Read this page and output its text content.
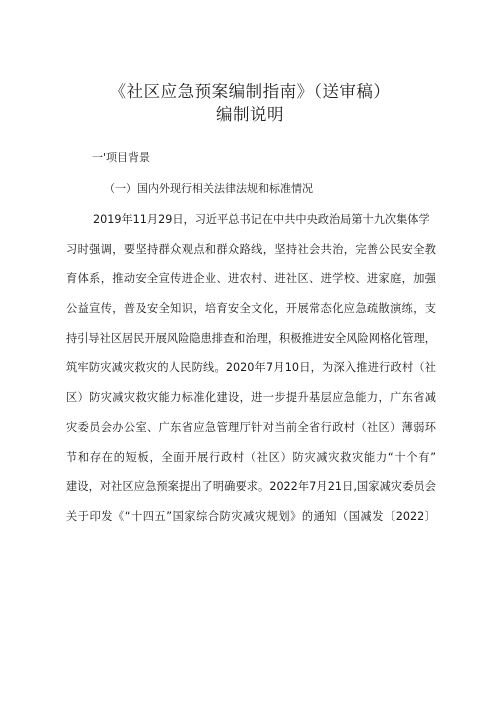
《社区应急预案编制指南》（送审稿）
编制说明

一'项目背景

（一）国内外现行相关法律法规和标准情况

2019年11月29日，习近平总书记在中共中央政治局第十九次集体学
习时强调，要坚持群众观点和群众路线，坚持社会共治，完善公民安全教
育体系，推动安全宣传进企业、进农村、进社区、进学校、进家庭，加强
公益宣传，普及安全知识，培育安全文化，开展常态化应急疏散演练，支
持引导社区居民开展风险隐患排查和治理，积极推进安全风险网格化管理，
筑牢防灾减灾救灾的人民防线。2020年7月10日，为深入推进行政村（社
区）防灾减灾救灾能力标准化建设，进一步提升基层应急能力，广东省减
灾委员会办公室、广东省应急管理厅针对当前全省行政村（社区）薄弱环
节和存在的短板，全面开展行政村（社区）防灾减灾救灾能力“十个有”
建设，对社区应急预案提出了明确要求。2022年7月21日,国家减灾委员会
关于印发《“十四五”国家综合防灾减灾规划》的通知（国减发〔2022〕
